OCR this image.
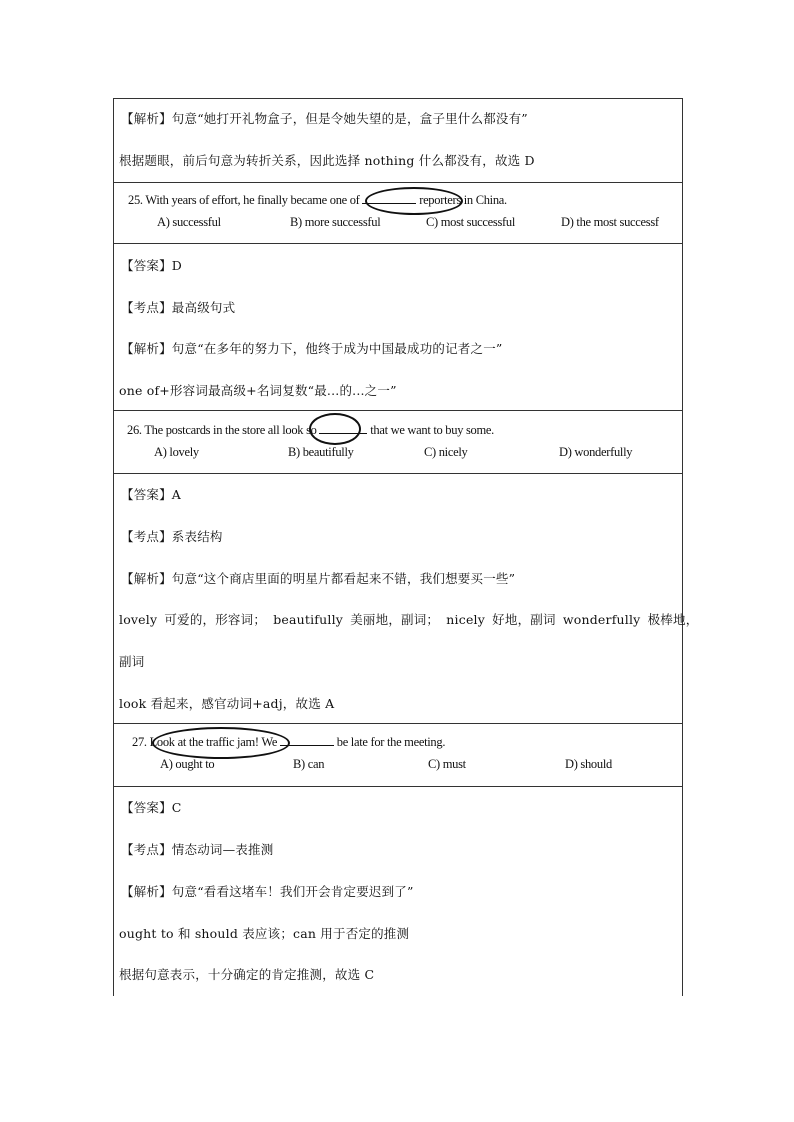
【解析】句意“她打开礼物盒子，但是令她失望的是，盒子里什么都没有”
根据题眼，前后句意为转折关系，因此选择 nothing 什么都没有，故选 D
25. With years of effort, he finally became one of	reporters in China.
A) successful	B) more successful	C) most successful	D) the most successf
【答案】D
【考点】最高级句式
【解析】句意“在多年的努力下，他终于成为中国最成功的记者之一”
one of+形容词最高级+名词复数“最...的...之一”
26. The postcards in the store all look so	that we want to buy some.
A) lovely	B) beautifully	C) nicely	D) wonderfully
【答案】A
【考点】系表结构
【解析】句意“这个商店里面的明星片都看起来不错，我们想要买一些”
lovely 可爱的，形容词； beautifully 美丽地，副词； nicely 好地，副词 wonderfully 极棒地，
副词
look 看起来，感官动词+adj，故选 A
27. Look at the traffic jam! We	be late for the meeting.
A) ought to	B) can	C) must	D) should
【答案】C
【考点】情态动词—表推测
【解析】句意“看看这堵车！我们开会肯定要迟到了”
ought to 和 should 表应该；can 用于否定的推测
根据句意表示，十分确定的肯定推测，故选 C
